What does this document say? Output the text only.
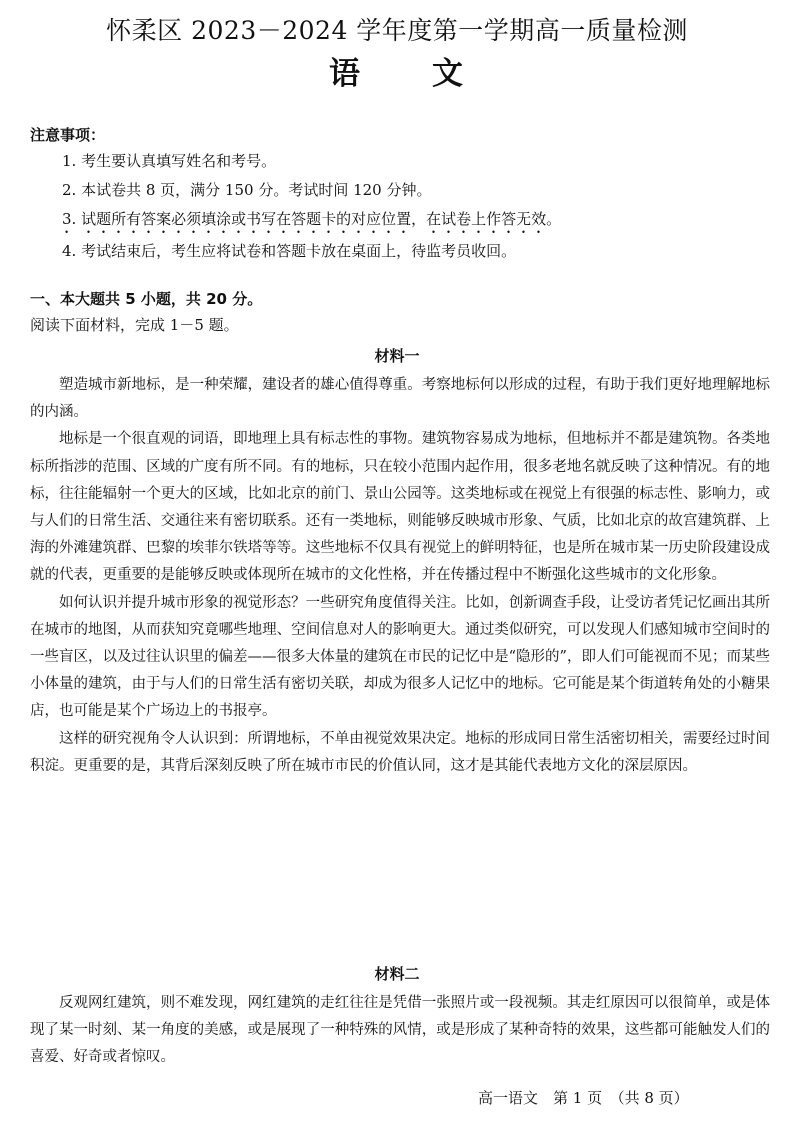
怀柔区 2023－2024 学年度第一学期高一质量检测
语 文
注意事项：
1. 考生要认真填写姓名和考号。
2. 本试卷共 8 页，满分 150 分。考试时间 120 分钟。
3. 试题所有答案必须填涂或书写在答题卡的对应位置，在试卷上作答无效。
4. 考试结束后，考生应将试卷和答题卡放在桌面上，待监考员收回。
一、本大题共 5 小题，共 20 分。
阅读下面材料，完成 1－5 题。
材料一

塑造城市新地标，是一种荣耀，建设者的雄心值得尊重。考察地标何以形成的过程，有助于我们更好地理解地标的内涵。

地标是一个很直观的词语，即地理上具有标志性的事物。建筑物容易成为地标，但地标并不都是建筑物。各类地标所指涉的范围、区域的广度有所不同。有的地标，只在较小范围内起作用，很多老地名就反映了这种情况。有的地标，往往能辐射一个更大的区域，比如北京的前门、景山公园等。这类地标或在视觉上有很强的标志性、影响力，或与人们的日常生活、交通往来有密切联系。还有一类地标，则能够反映城市形象、气质，比如北京的故宫建筑群、上海的外滩建筑群、巴黎的埃菲尔铁塔等等。这些地标不仅具有视觉上的鲜明特征，也是所在城市某一历史阶段建设成就的代表，更重要的是能够反映或体现所在城市的文化性格，并在传播过程中不断强化这些城市的文化形象。

如何认识并提升城市形象的视觉形态？一些研究角度值得关注。比如，创新调查手段，让受访者凭记忆画出其所在城市的地图，从而获知究竟哪些地理、空间信息对人的影响更大。通过类似研究，可以发现人们感知城市空间时的一些盲区，以及过往认识里的偏差——很多大体量的建筑在市民的记忆中是“隐形的”，即人们可能视而不见；而某些小体量的建筑，由于与人们的日常生活有密切关联，却成为很多人记忆中的地标。它可能是某个街道转角处的小糖果店，也可能是某个广场边上的书报亭。

这样的研究视角令人认识到：所谓地标，不单由视觉效果决定。地标的形成同日常生活密切相关，需要经过时间积淀。更重要的是，其背后深刻反映了所在城市市民的价值认同，这才是其能代表地方文化的深层原因。

材料二

反观网红建筑，则不难发现，网红建筑的走红往往是凭借一张照片或一段视频。其走红原因可以很简单，或是体现了某一时刻、某一角度的美感，或是展现了一种特殊的风情，或是形成了某种奇特的效果，这些都可能触发人们的喜爱、好奇或者惊叹。

高一语文　第 1 页　（共 8 页）
